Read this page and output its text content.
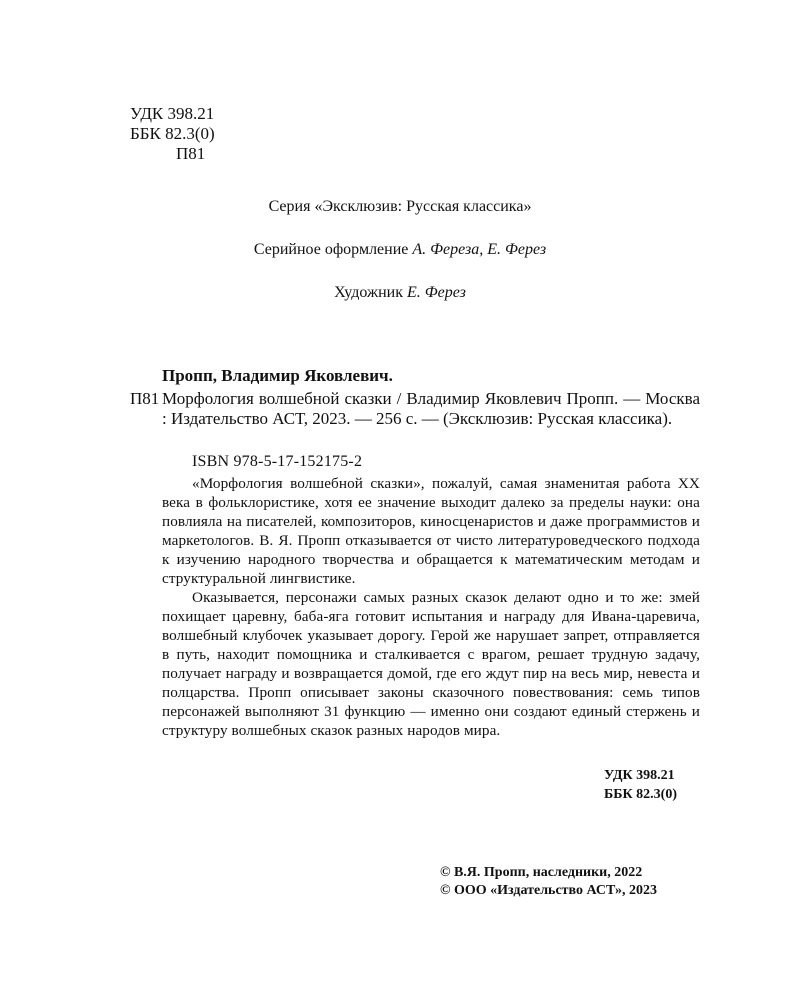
УДК 398.21
ББК 82.3(0)
П81
Серия «Эксклюзив: Русская классика»
Серийное оформление А. Фереза, Е. Ферез
Художник Е. Ферез
Пропп, Владимир Яковлевич.
П81 Морфология волшебной сказки / Владимир Яковлевич Пропп. — Москва : Издательство АСТ, 2023. — 256 с. — (Эксклюзив: Русская классика).
ISBN 978-5-17-152175-2

«Морфология волшебной сказки», пожалуй, самая знаменитая работа XX века в фольклористике, хотя ее значение выходит далеко за пределы науки: она повлияла на писателей, композиторов, киносценаристов и даже программистов и маркетологов. В. Я. Пропп отказывается от чисто литературоведческого подхода к изучению народного творчества и обращается к математическим методам и структуральной лингвистике.

Оказывается, персонажи самых разных сказок делают одно и то же: змей похищает царевну, баба-яга готовит испытания и награду для Ивана-царевича, волшебный клубочек указывает дорогу. Герой же нарушает запрет, отправляется в путь, находит помощника и сталкивается с врагом, решает трудную задачу, получает награду и возвращается домой, где его ждут пир на весь мир, невеста и полцарства. Пропп описывает законы сказочного повествования: семь типов персонажей выполняют 31 функцию — именно они создают единый стержень и структуру волшебных сказок разных народов мира.

УДК 398.21
ББК 82.3(0)
© В.Я. Пропп, наследники, 2022
© ООО «Издательство АСТ», 2023
